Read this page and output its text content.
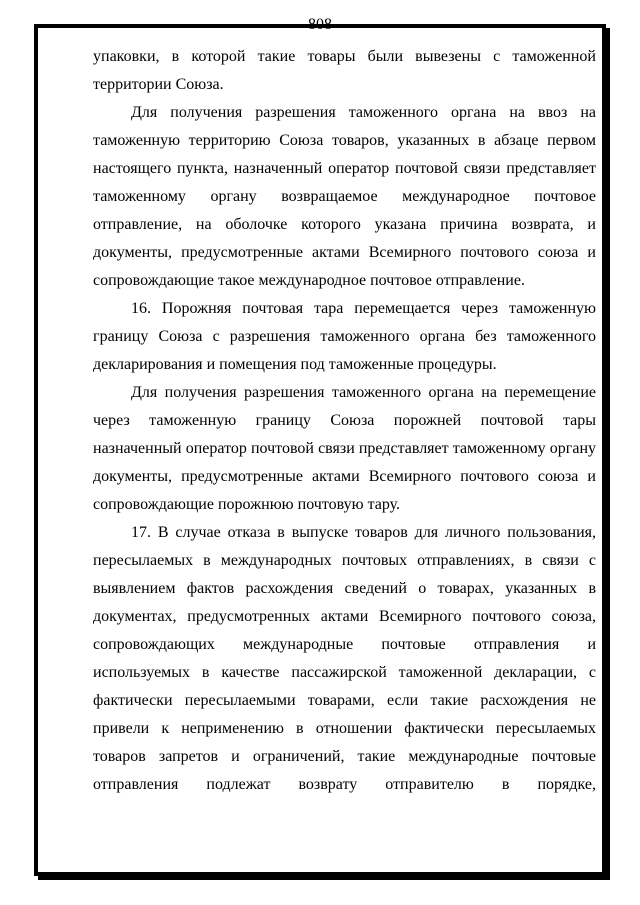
808

упаковки, в которой такие товары были вывезены с таможенной территории Союза.

Для получения разрешения таможенного органа на ввоз на таможенную территорию Союза товаров, указанных в абзаце первом настоящего пункта, назначенный оператор почтовой связи представляет таможенному органу возвращаемое международное почтовое отправление, на оболочке которого указана причина возврата, и документы, предусмотренные актами Всемирного почтового союза и сопровождающие такое международное почтовое отправление.

16. Порожняя почтовая тара перемещается через таможенную границу Союза с разрешения таможенного органа без таможенного декларирования и помещения под таможенные процедуры.

Для получения разрешения таможенного органа на перемещение через таможенную границу Союза порожней почтовой тары назначенный оператор почтовой связи представляет таможенному органу документы, предусмотренные актами Всемирного почтового союза и сопровождающие порожнюю почтовую тару.

17. В случае отказа в выпуске товаров для личного пользования, пересылаемых в международных почтовых отправлениях, в связи с выявлением фактов расхождения сведений о товарах, указанных в документах, предусмотренных актами Всемирного почтового союза, сопровождающих международные почтовые отправления и используемых в качестве пассажирской таможенной декларации, с фактически пересылаемыми товарами, если такие расхождения не привели к неприменению в отношении фактически пересылаемых товаров запретов и ограничений, такие международные почтовые отправления подлежат возврату отправителю в порядке,
